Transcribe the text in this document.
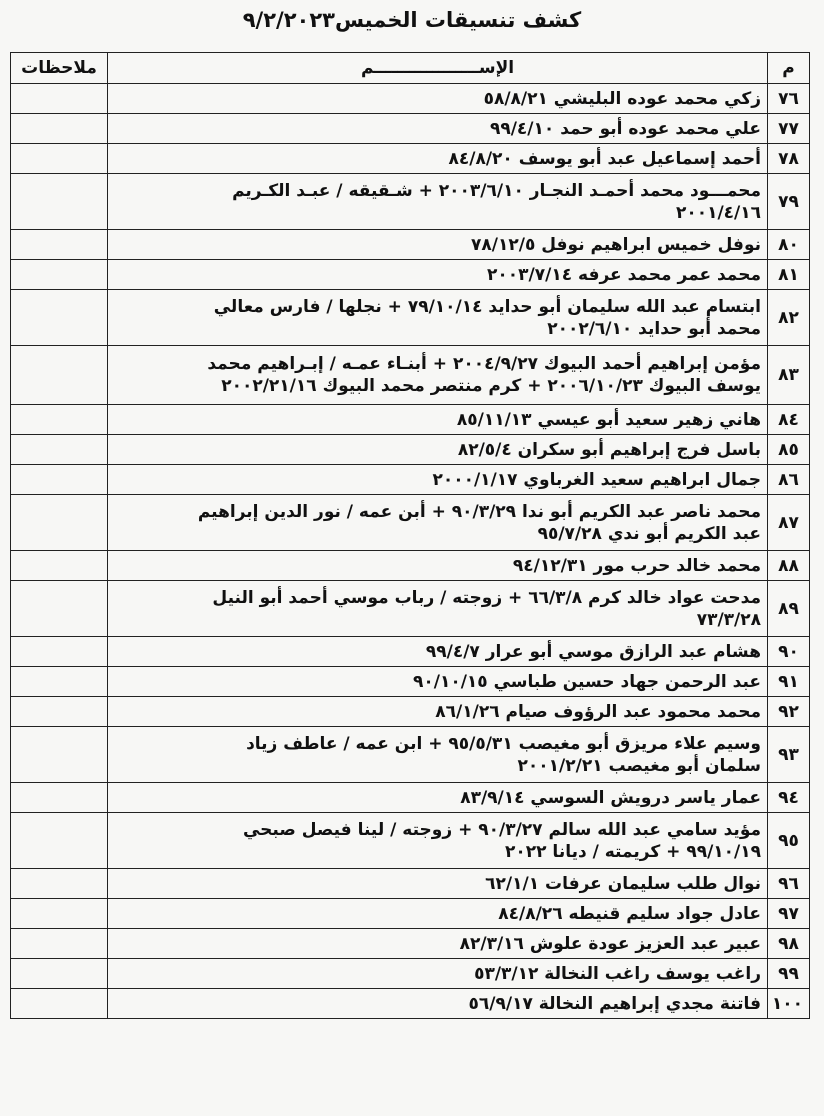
كشف تنسيقات الخميس٩/٢/٢٠٢٣
م	الإســــــــــــــــــم	ملاحظات
٧٦	زكي محمد عوده البليشي ٥٨/٨/٢١	

٧٧	علي محمد عوده أبو حمد ٩٩/٤/١٠	

٧٨	أحمد إسماعيل عبد أبو يوسف ٨٤/٨/٢٠	

٧٩	محمـــود محمد أحمـد النجـار ٢٠٠٣/٦/١٠ + شـقيقه / عبـد الكـريم
٢٠٠١/٤/١٦	

٨٠	نوفل خميس ابراهيم نوفل ٧٨/١٢/٥	

٨١	محمد عمر محمد عرفه ٢٠٠٣/٧/١٤	

٨٢	ابتسام عبد الله سليمان أبو حدايد ٧٩/١٠/١٤ + نجلها / فارس معالي
محمد أبو حدايد ٢٠٠٢/٦/١٠	

٨٣	مؤمن إبراهيم أحمد البيوك ٢٠٠٤/٩/٢٧ + أبنـاء عمـه / إبـراهيم محمد
يوسف البيوك ٢٠٠٦/١٠/٢٣ + كرم منتصر محمد البيوك ٢٠٠٢/٢١/١٦	

٨٤	هاني زهير سعيد أبو عيسي ٨٥/١١/١٣	

٨٥	باسل فرج إبراهيم أبو سكران ٨٢/٥/٤	

٨٦	جمال ابراهيم سعيد الغرباوي ٢٠٠٠/١/١٧	

٨٧	محمد ناصر عبد الكريم أبو ندا ٩٠/٣/٢٩ + أبن عمه / نور الدين إبراهيم
عبد الكريم أبو ندي ٩٥/٧/٢٨	

٨٨	محمد خالد حرب مور ٩٤/١٢/٣١	

٨٩	مدحت عواد خالد كرم ٦٦/٣/٨ + زوجته / رباب موسي أحمد أبو النيل
٧٣/٣/٢٨	

٩٠	هشام عبد الرازق موسي أبو عرار ٩٩/٤/٧	

٩١	عبد الرحمن جهاد حسين طباسي ٩٠/١٠/١٥	

٩٢	محمد محمود عبد الرؤوف صيام ٨٦/١/٢٦	

٩٣	وسيم علاء مريزق أبو مغيصب ٩٥/٥/٣١ + ابن عمه / عاطف زياد
سلمان أبو مغيصب ٢٠٠١/٢/٢١	

٩٤	عمار ياسر درويش السوسي ٨٣/٩/١٤	

٩٥	مؤيد سامي عبد الله سالم ٩٠/٣/٢٧ + زوجته / لينا فيصل صبحي
٩٩/١٠/١٩ + كريمته / ديانا ٢٠٢٢	

٩٦	نوال طلب سليمان عرفات ٦٢/١/١	

٩٧	عادل جواد سليم قنيطه ٨٤/٨/٢٦	

٩٨	عبير عبد العزيز عودة علوش ٨٢/٣/١٦	

٩٩	راغب يوسف راغب النخالة ٥٣/٣/١٢	

١٠٠	فاتنة مجدي إبراهيم النخالة ٥٦/٩/١٧	
